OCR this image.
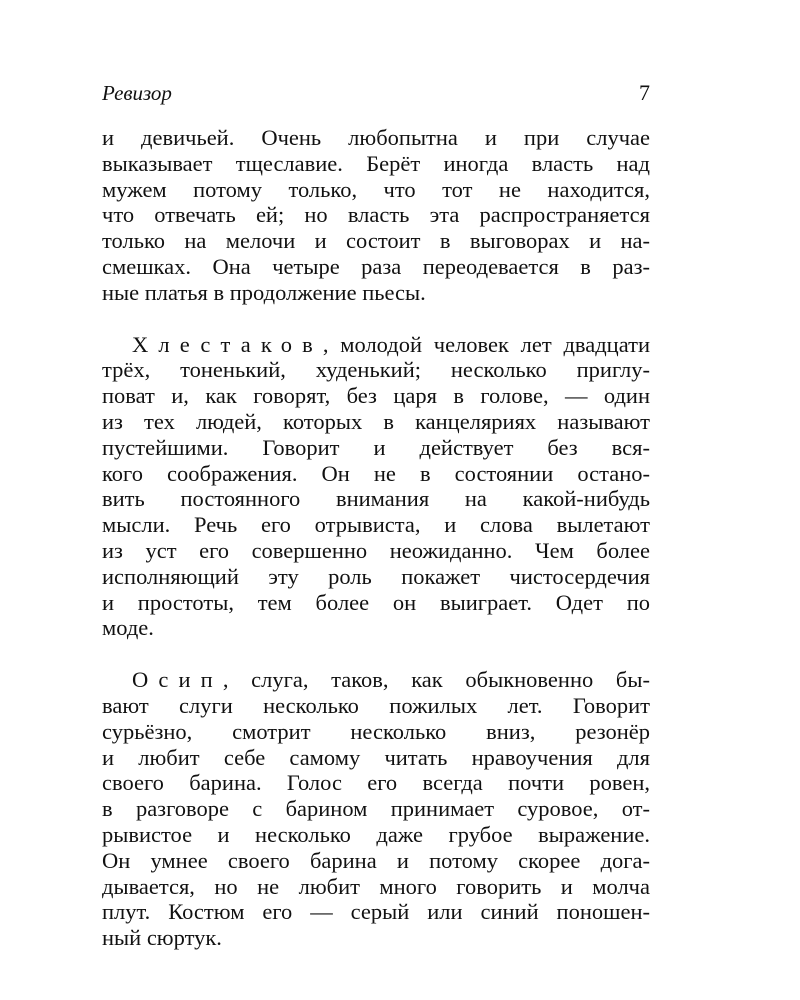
Ревизор	7

и девичьей. Очень любопытна и при случае
выказывает тщеславие. Берёт иногда власть над
мужем потому только, что тот не находится,
что отвечать ей; но власть эта распространяется
только на мелочи и состоит в выговорах и на-
смешках. Она четыре раза переодевается в раз-
ные платья в продолжение пьесы.

Хлестаков, молодой человек лет двадцати
трёх, тоненький, худенький; несколько приглу-
поват и, как говорят, без царя в голове, — один
из тех людей, которых в канцеляриях называют
пустейшими. Говорит и действует без вся-
кого соображения. Он не в состоянии останo-
вить постоянного внимания на какой-нибудь
мысли. Речь его отрывиста, и слова вылетают
из уст его совершенно неожиданно. Чем более
исполняющий эту роль покажет чистосердечия
и простоты, тем более он выиграет. Одет по
моде.

Осип, слуга, таков, как обыкновенно бы-
вают слуги несколько пожилых лет. Говорит
сурьёзно, смотрит несколько вниз, резонёр
и любит себе самому читать нравоучения для
своего барина. Голос его всегда почти ровен,
в разговоре с барином принимает суровое, от-
рывистое и несколько даже грубое выражение.
Он умнее своего барина и потому скорее дога-
дывается, но не любит много говорить и молча
плут. Костюм его — серый или синий поношен-
ный сюртук.
